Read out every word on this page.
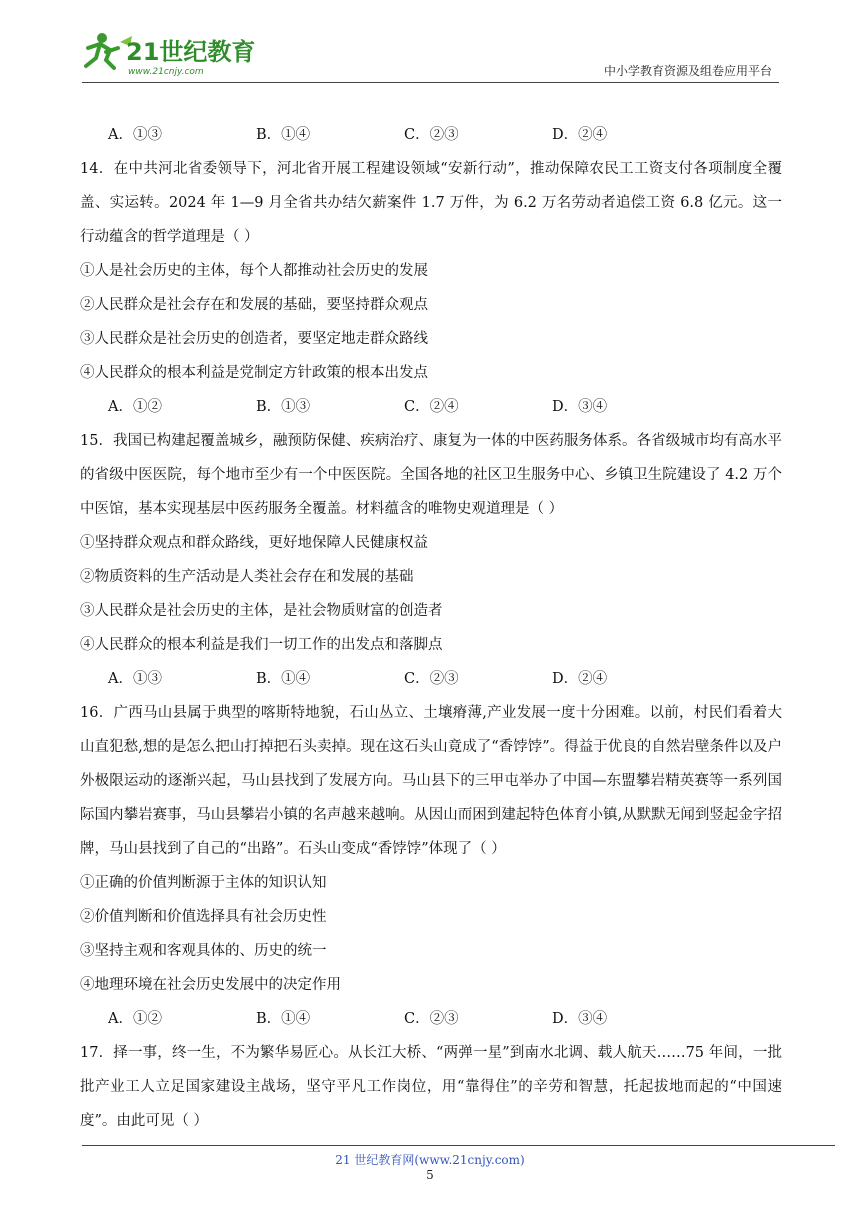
21世纪教育
www.21cnjy.com	中小学教育资源及组卷应用平台
A．①③	B．①④	C．②③	D．②④
14．在中共河北省委领导下，河北省开展工程建设领域“安新行动”，推动保障农民工工资支付各项制度全覆盖、实运转。2024 年 1—9 月全省共办结欠薪案件 1.7 万件，为 6.2 万名劳动者追偿工资 6.8 亿元。这一行动蕴含的哲学道理是（ ）
①人是社会历史的主体，每个人都推动社会历史的发展
②人民群众是社会存在和发展的基础，要坚持群众观点
③人民群众是社会历史的创造者，要坚定地走群众路线
④人民群众的根本利益是党制定方针政策的根本出发点
A．①②	B．①③	C．②④	D．③④
15．我国已构建起覆盖城乡，融预防保健、疾病治疗、康复为一体的中医药服务体系。各省级城市均有高水平的省级中医医院，每个地市至少有一个中医医院。全国各地的社区卫生服务中心、乡镇卫生院建设了 4.2 万个中医馆，基本实现基层中医药服务全覆盖。材料蕴含的唯物史观道理是（ ）
①坚持群众观点和群众路线，更好地保障人民健康权益
②物质资料的生产活动是人类社会存在和发展的基础
③人民群众是社会历史的主体，是社会物质财富的创造者
④人民群众的根本利益是我们一切工作的出发点和落脚点
A．①③	B．①④	C．②③	D．②④
16．广西马山县属于典型的喀斯特地貌，石山丛立、土壤瘠薄,产业发展一度十分困难。以前，村民们看着大山直犯愁,想的是怎么把山打掉把石头卖掉。现在这石头山竟成了“香饽饽”。得益于优良的自然岩壁条件以及户外极限运动的逐渐兴起，马山县找到了发展方向。马山县下的三甲屯举办了中国—东盟攀岩精英赛等一系列国际国内攀岩赛事，马山县攀岩小镇的名声越来越响。从因山而困到建起特色体育小镇,从默默无闻到竖起金字招牌，马山县找到了自己的“出路”。石头山变成“香饽饽”体现了（ ）
①正确的价值判断源于主体的知识认知
②价值判断和价值选择具有社会历史性
③坚持主观和客观具体的、历史的统一
④地理环境在社会历史发展中的决定作用
A．①②	B．①④	C．②③	D．③④
17．择一事，终一生，不为繁华易匠心。从长江大桥、“两弹一星”到南水北调、载人航天……75 年间，一批批产业工人立足国家建设主战场，坚守平凡工作岗位，用“靠得住”的辛劳和智慧，托起拔地而起的“中国速度”。由此可见（ ）
21 世纪教育网(www.21cnjy.com)
5
